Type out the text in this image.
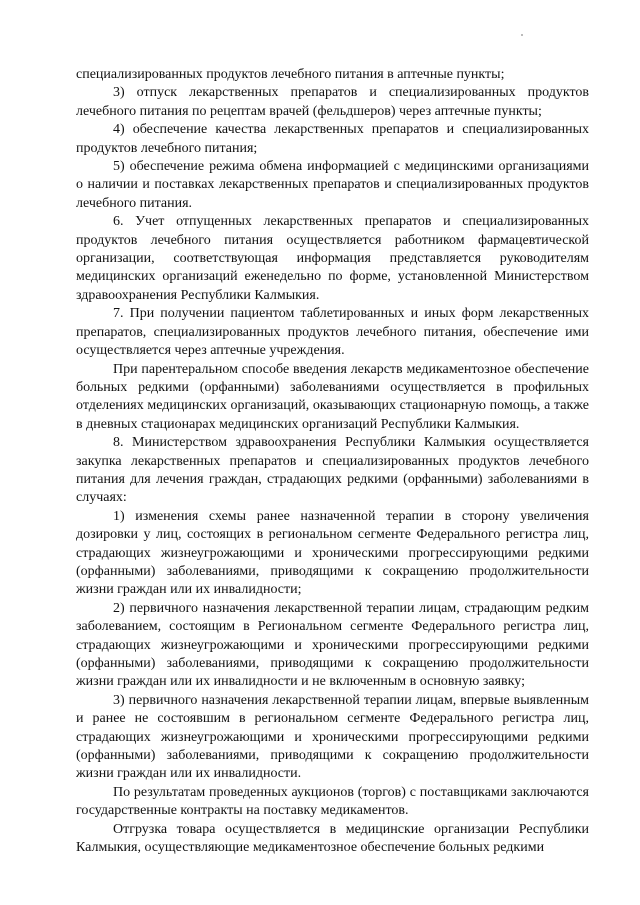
специализированных продуктов лечебного питания в аптечные пункты;

3) отпуск лекарственных препаратов и специализированных продуктов лечебного питания по рецептам врачей (фельдшеров) через аптечные пункты;

4) обеспечение качества лекарственных препаратов и специализированных продуктов лечебного питания;

5) обеспечение режима обмена информацией с медицинскими организациями о наличии и поставках лекарственных препаратов и специализированных продуктов лечебного питания.

6. Учет отпущенных лекарственных препаратов и специализированных продуктов лечебного питания осуществляется работником фармацевтической организации, соответствующая информация представляется руководителям медицинских организаций еженедельно по форме, установленной Министерством здравоохранения Республики Калмыкия.

7. При получении пациентом таблетированных и иных форм лекарственных препаратов, специализированных продуктов лечебного питания, обеспечение ими осуществляется через аптечные учреждения.

При парентеральном способе введения лекарств медикаментозное обеспечение больных редкими (орфанными) заболеваниями осуществляется в профильных отделениях медицинских организаций, оказывающих стационарную помощь, а также в дневных стационарах медицинских организаций Республики Калмыкия.

8. Министерством здравоохранения Республики Калмыкия осуществляется закупка лекарственных препаратов и специализированных продуктов лечебного питания для лечения граждан, страдающих редкими (орфанными) заболеваниями в случаях:

1) изменения схемы ранее назначенной терапии в сторону увеличения дозировки у лиц, состоящих в региональном сегменте Федерального регистра лиц, страдающих жизнеугрожающими и хроническими прогрессирующими редкими (орфанными) заболеваниями, приводящими к сокращению продолжительности жизни граждан или их инвалидности;

2) первичного назначения лекарственной терапии лицам, страдающим редким заболеванием, состоящим в Региональном сегменте Федерального регистра лиц, страдающих жизнеугрожающими и хроническими прогрессирующими редкими (орфанными) заболеваниями, приводящими к сокращению продолжительности жизни граждан или их инвалидности и не включенным в основную заявку;

3) первичного назначения лекарственной терапии лицам, впервые выявленным и ранее не состоявшим в региональном сегменте Федерального регистра лиц, страдающих жизнеугрожающими и хроническими прогрессирующими редкими (орфанными) заболеваниями, приводящими к сокращению продолжительности жизни граждан или их инвалидности.

По результатам проведенных аукционов (торгов) с поставщиками заключаются государственные контракты на поставку медикаментов.

Отгрузка товара осуществляется в медицинские организации Республики Калмыкия, осуществляющие медикаментозное обеспечение больных редкими
